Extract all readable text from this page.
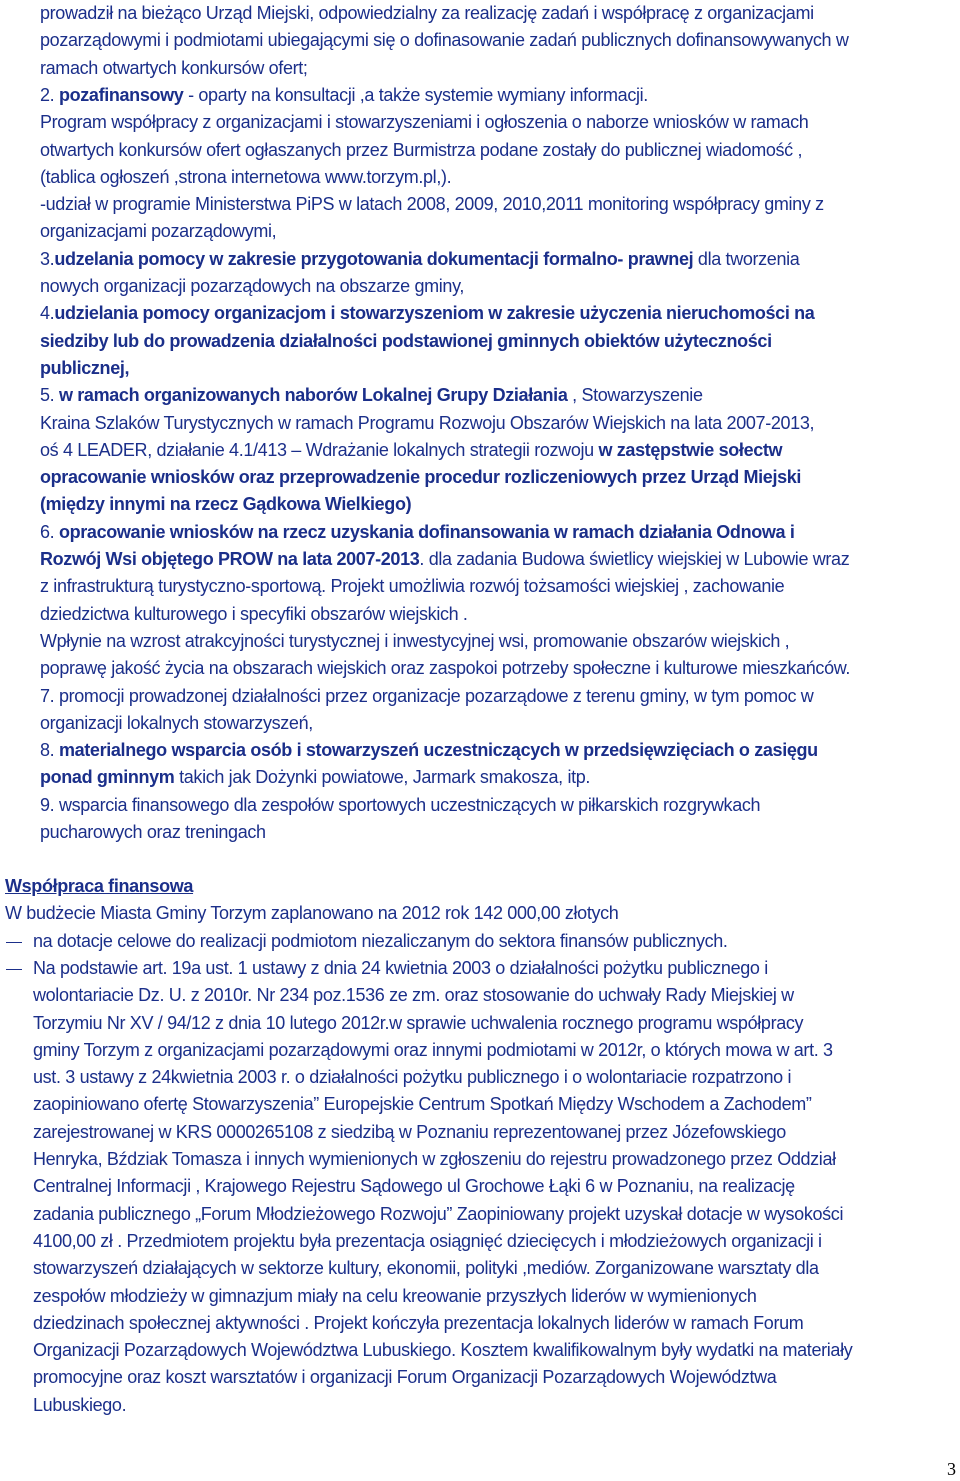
prowadził na bieżąco Urząd Miejski, odpowiedzialny za realizację zadań i współpracę z organizacjami
pozarządowymi i podmiotami ubiegającymi się o dofinasowanie zadań publicznych dofinansowywanych w
ramach otwartych konkursów ofert;
2. pozafinansowy - oparty na konsultacji ,a także systemie wymiany informacji.
Program współpracy z organizacjami i stowarzyszeniami i ogłoszenia o naborze wniosków w ramach
otwartych konkursów ofert ogłaszanych przez Burmistrza podane zostały do publicznej wiadomość ,
(tablica ogłoszeń ,strona internetowa www.torzym.pl,).
-udział w programie Ministerstwa PiPS w latach 2008, 2009, 2010,2011 monitoring współpracy gminy z
organizacjami pozarządowymi,
3.udzelania pomocy w zakresie przygotowania dokumentacji formalno- prawnej dla tworzenia
nowych organizacji pozarządowych na obszarze gminy,
4.udzielania pomocy organizacjom i stowarzyszeniom w zakresie użyczenia nieruchomości na
siedziby lub do prowadzenia działalności podstawionej gminnych obiektów użyteczności
publicznej,
5. w ramach organizowanych naborów Lokalnej Grupy Działania , Stowarzyszenie
Kraina Szlaków Turystycznych w ramach Programu Rozwoju Obszarów Wiejskich na lata 2007-2013,
oś 4 LEADER, działanie 4.1/413 – Wdrażanie lokalnych strategii rozwoju w zastępstwie sołectw
opracowanie wniosków oraz przeprowadzenie procedur rozliczeniowych przez Urząd Miejski
(między innymi na rzecz Gądkowa Wielkiego)
6. opracowanie wniosków na rzecz uzyskania dofinansowania w ramach działania Odnowa i
Rozwój Wsi objętego PROW na lata 2007-2013. dla zadania Budowa świetlicy wiejskiej w Lubowie wraz
z infrastrukturą turystyczno-sportową. Projekt umożliwia rozwój tożsamości wiejskiej , zachowanie
dziedzictwa kulturowego i specyfiki obszarów wiejskich .
Wpłynie na wzrost atrakcyjności turystycznej i inwestycyjnej wsi, promowanie obszarów wiejskich ,
poprawę jakość życia na obszarach wiejskich oraz zaspokoi potrzeby społeczne i kulturowe mieszkańców.
7. promocji prowadzonej działalności przez organizacje pozarządowe z terenu gminy, w tym pomoc w
organizacji lokalnych stowarzyszeń,
8. materialnego wsparcia osób i stowarzyszeń uczestniczących w przedsięwzięciach o zasięgu
ponad gminnym takich jak Dożynki powiatowe, Jarmark smakosza, itp.
9. wsparcia finansowego dla zespołów sportowych uczestniczących w piłkarskich rozgrywkach
pucharowych oraz treningach
Współpraca finansowa
W budżecie Miasta Gminy Torzym zaplanowano na 2012 rok 142 000,00 złotych
na dotacje celowe do realizacji podmiotom niezaliczanym do sektora finansów publicznych.
Na podstawie art. 19a ust. 1 ustawy z dnia 24 kwietnia 2003 o działalności pożytku publicznego i
wolontariacie Dz. U. z 2010r. Nr 234 poz.1536 ze zm. oraz stosowanie do uchwały Rady Miejskiej w
Torzymiu Nr XV / 94/12 z dnia 10 lutego 2012r.w sprawie uchwalenia rocznego programu współpracy
gminy Torzym z organizacjami pozarządowymi oraz innymi podmiotami w 2012r, o których mowa w art. 3
ust. 3 ustawy z 24kwietnia 2003 r. o działalności pożytku publicznego i o wolontariacie rozpatrzono i
zaopiniowano ofertę Stowarzyszenia” Europejskie Centrum Spotkań Między Wschodem a Zachodem”
zarejestrowanej w KRS 0000265108 z siedzibą w Poznaniu reprezentowanej przez Józefowskiego
Henryka, Bździak Tomasza i innych wymienionych w zgłoszeniu do rejestru prowadzonego przez Oddział
Centralnej Informacji , Krajowego Rejestru Sądowego ul Grochowe Łąki 6 w Poznaniu, na realizację
zadania publicznego „Forum Młodzieżowego Rozwoju” Zaopiniowany projekt uzyskał dotacje w wysokości
4100,00 zł . Przedmiotem projektu była prezentacja osiągnięć dziecięcych i młodzieżowych organizacji i
stowarzyszeń działających w sektorze kultury, ekonomii, polityki ,mediów. Zorganizowane warsztaty dla
zespołów młodzieży w gimnazjum miały na celu kreowanie przyszłych liderów w wymienionych
dziedzinach społecznej aktywności . Projekt kończyła prezentacja lokalnych liderów w ramach Forum
Organizacji Pozarządowych Województwa Lubuskiego. Kosztem kwalifikowalnym były wydatki na materiały
promocyjne oraz koszt warsztatów i organizacji Forum Organizacji Pozarządowych Województwa
Lubuskiego.
3
